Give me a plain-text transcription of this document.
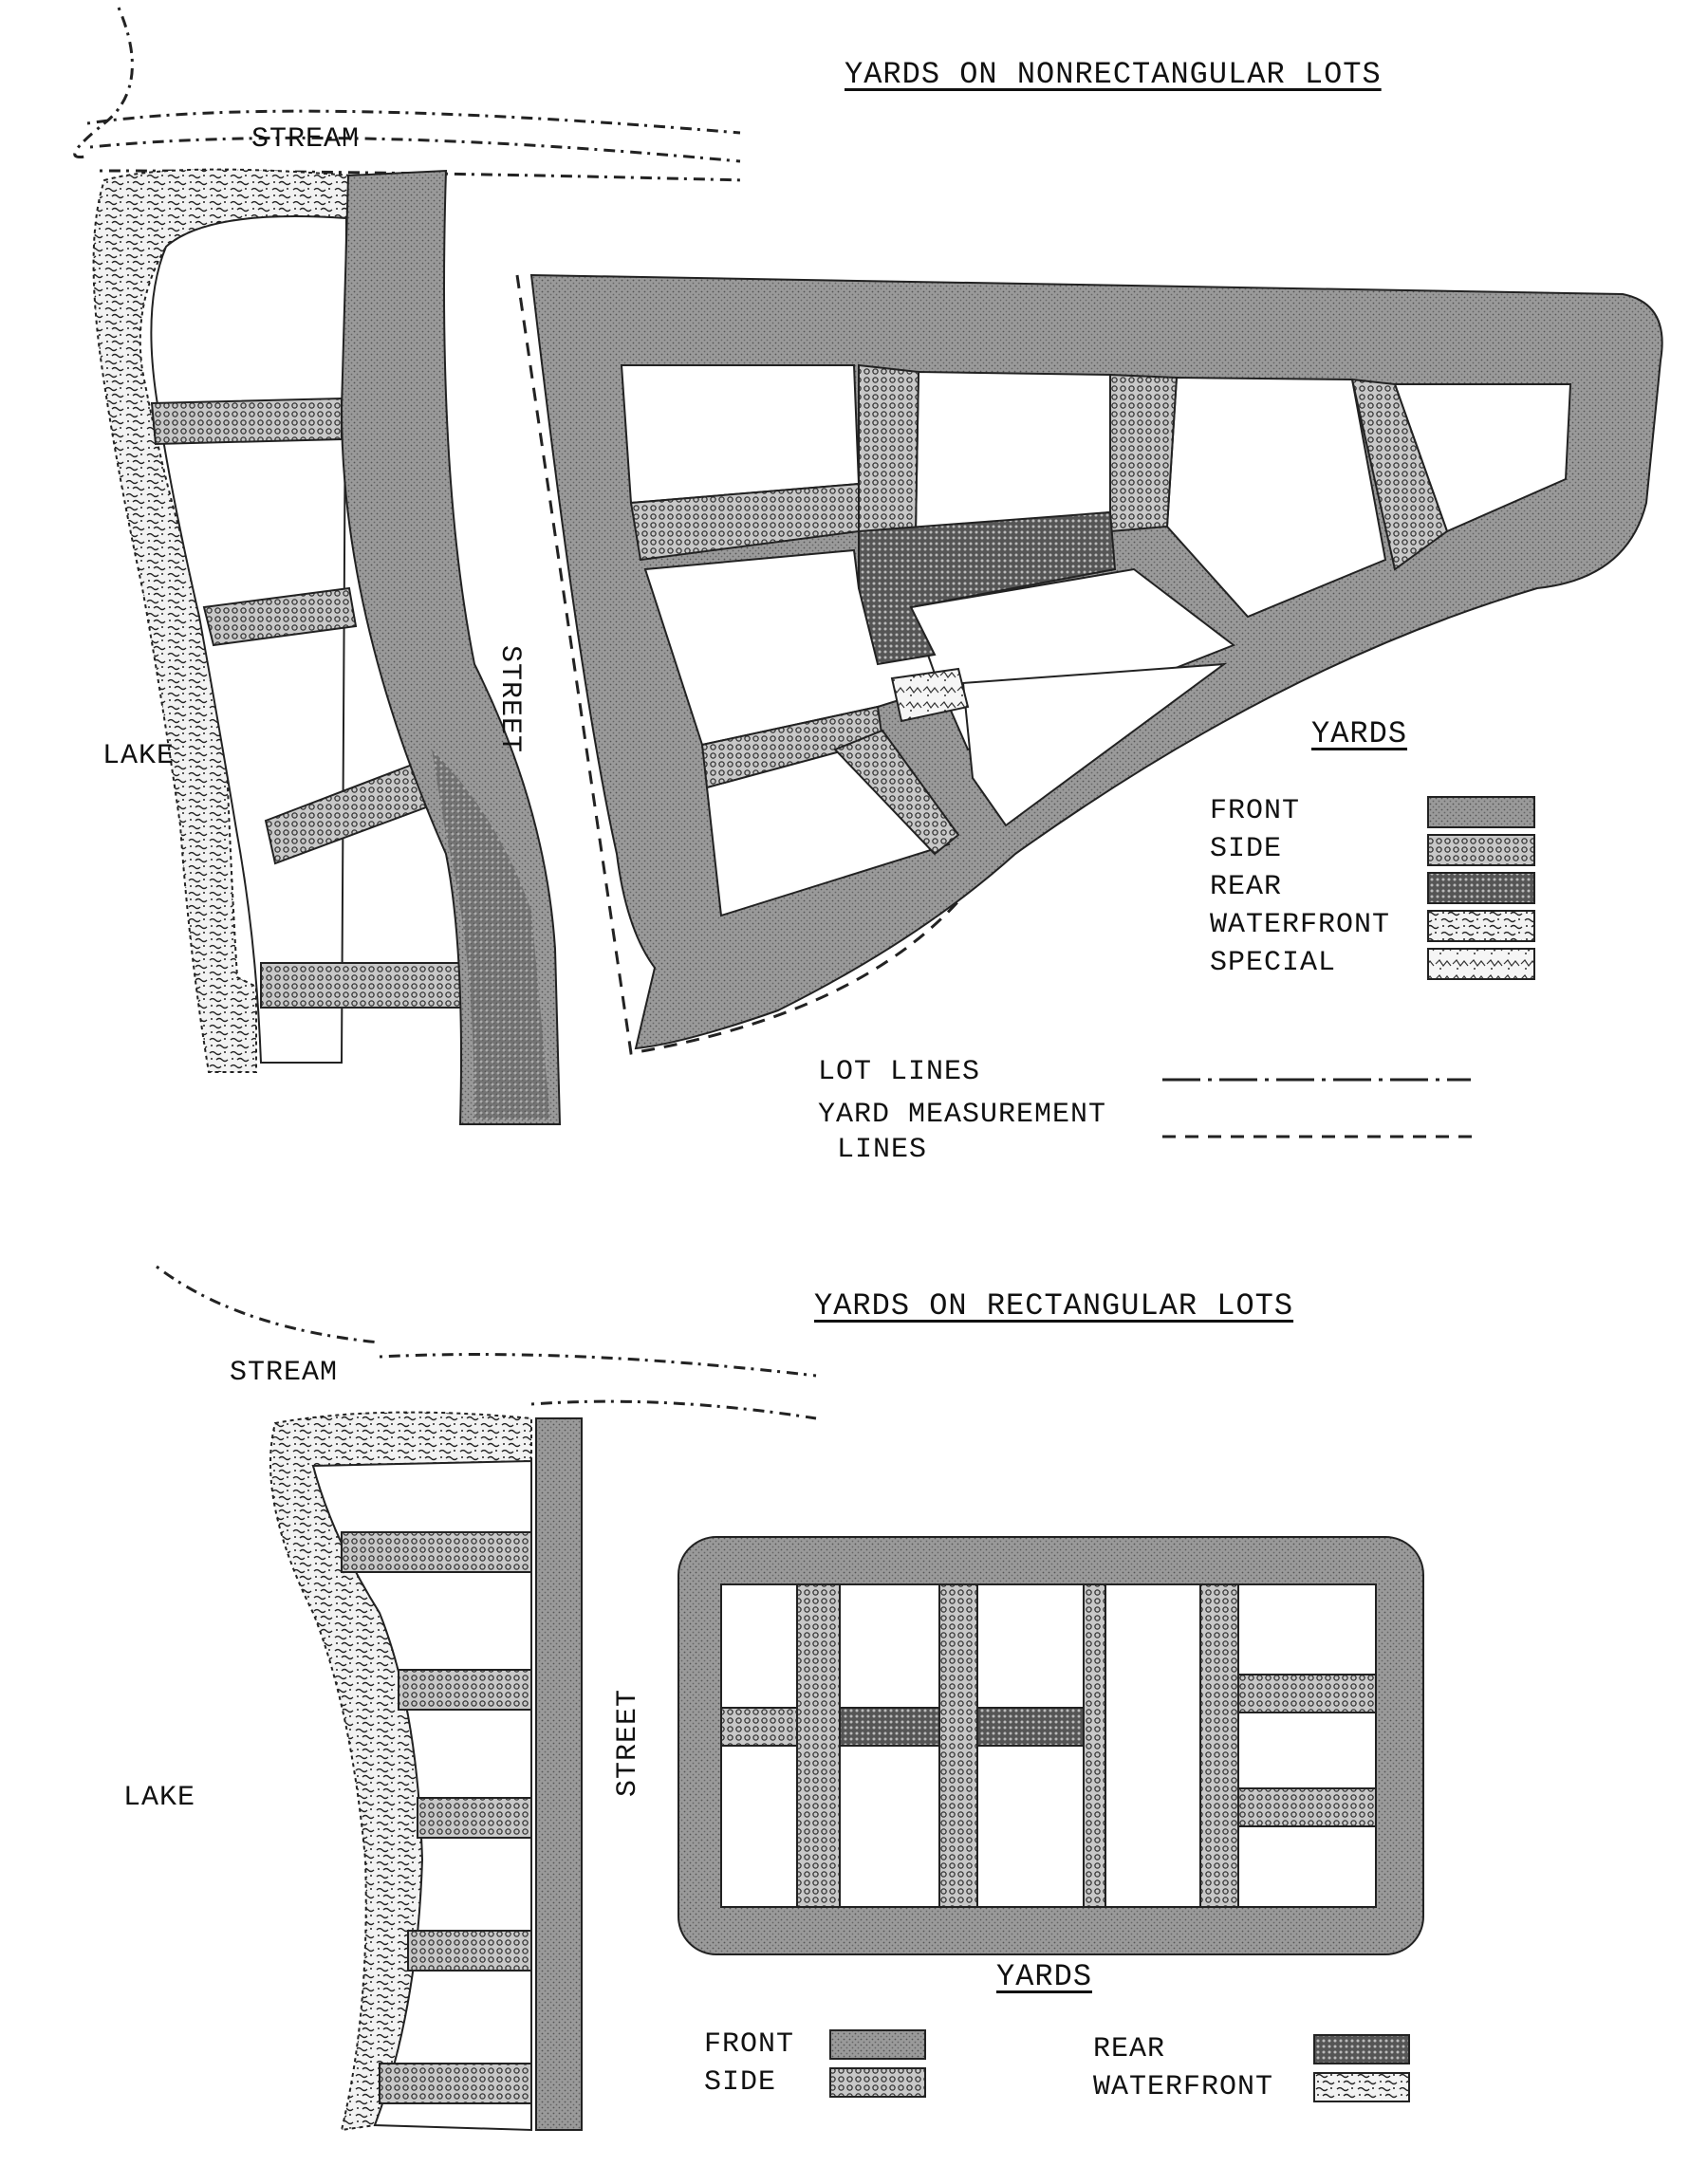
YARDS ON NONRECTANGULAR LOTS
STREAM
LAKE
STREET	YARDS
FRONT
SIDE
REAR
WATERFRONT
SPECIAL
LOT LINES
YARD MEASUREMENT
LINES
YARDS ON RECTANGULAR LOTS
STREAM
LAKE
STREET
YARDS
FRONT
SIDE
REAR
WATERFRONT
